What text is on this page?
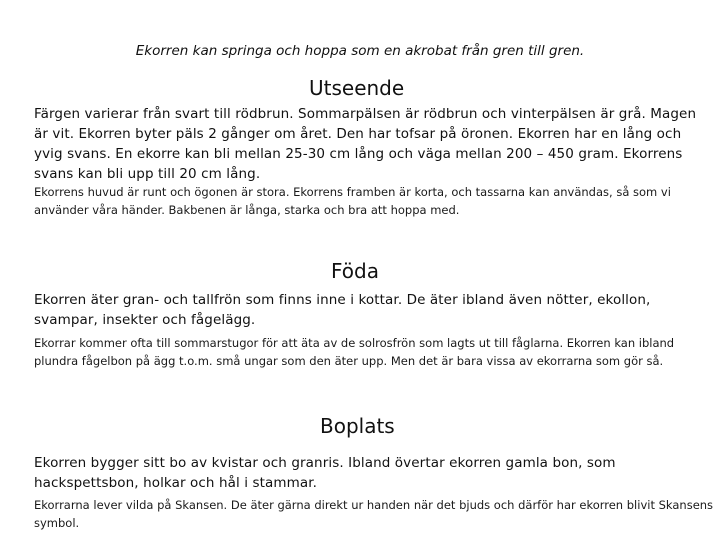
Ekorren kan springa och hoppa som en akrobat från gren till gren.
Utseende
Färgen varierar från svart till rödbrun. Sommarpälsen är rödbrun och vinterpälsen är grå. Magen är vit. Ekorren byter päls 2 gånger om året. Den har tofsar på öronen. Ekorren har en lång och yvig svans. En ekorre kan bli mellan 25-30 cm lång och väga mellan 200 – 450 gram. Ekorrens svans kan bli upp till 20 cm lång.
Ekorrens huvud är runt och ögonen är stora. Ekorrens framben är korta, och tassarna kan användas, så som vi använder våra händer. Bakbenen är långa, starka och bra att hoppa med.
Föda
Ekorren äter gran- och tallfrön som finns inne i kottar. De äter ibland även nötter, ekollon, svampar, insekter och fågelägg.
Ekorrar kommer ofta till sommarstugor för att äta av de solrosfrön som lagts ut till fåglarna. Ekorren kan ibland plundra fågelbon på ägg t.o.m. små ungar som den äter upp. Men det är bara vissa av ekorrarna som gör så.
Boplats
Ekorren bygger sitt bo av kvistar och granris. Ibland övertar ekorren gamla bon, som hackspettsbon, holkar och hål i stammar.
Ekorrarna lever vilda på Skansen. De äter gärna direkt ur handen när det bjuds och därför har ekorren blivit Skansens symbol.
